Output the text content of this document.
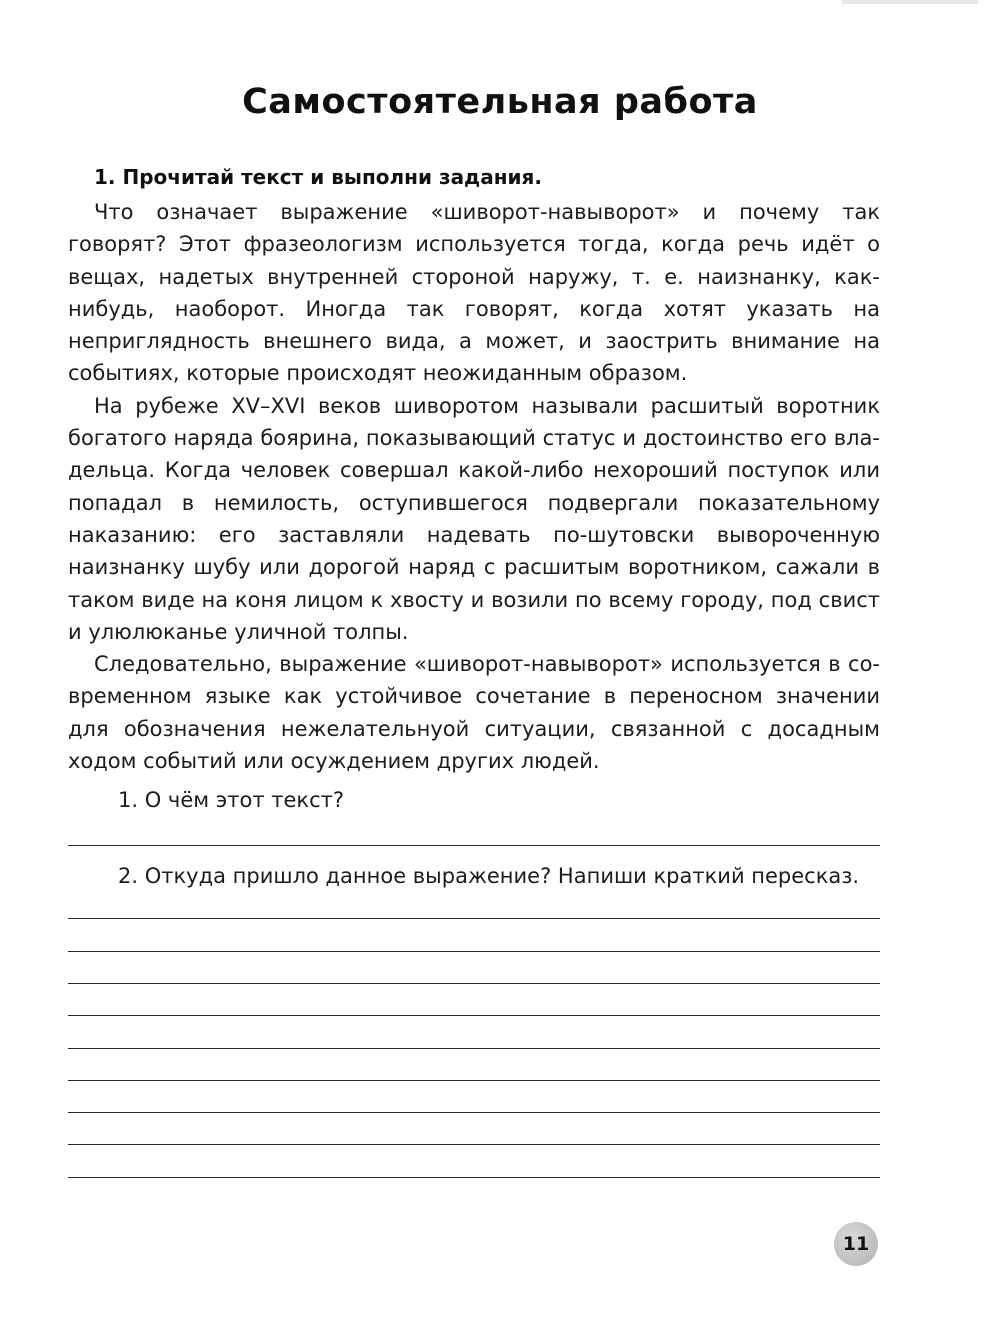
Самостоятельная работа
1. Прочитай текст и выполни задания.

Что означает выражение «шиворот-навыворот» и почему так говорят? Этот фразеологизм используется тогда, когда речь идёт о вещах, надетых внутренней стороной наружу, т. е. наизнанку, как-нибудь, наоборот. Иногда так говорят, когда хотят указать на неприглядность внешнего вида, а может, и заострить внимание на событиях, которые происходят неожиданным образом.

На рубеже XV–XVI веков шиворотом называли расшитый воротник богатого наряда боярина, показывающий статус и достоинство его владельца. Когда человек совершал какой-либо нехороший поступок или попадал в немилость, оступившегося подвергали показательному наказанию: его заставляли надевать по-шутовски вывороченную наизнанку шубу или дорогой наряд с расшитым воротником, сажали в таком виде на коня лицом к хвосту и возили по всему городу, под свист и улюлюканье уличной толпы.

Следовательно, выражение «шиворот-навыворот» используется в современном языке как устойчивое сочетание в переносном значении для обозначения нежелательнуой ситуации, связанной с досадным ходом событий или осуждением других людей.

1. О чём этот текст?
2. Откуда пришло данное выражение? Напиши краткий пересказ.
11
